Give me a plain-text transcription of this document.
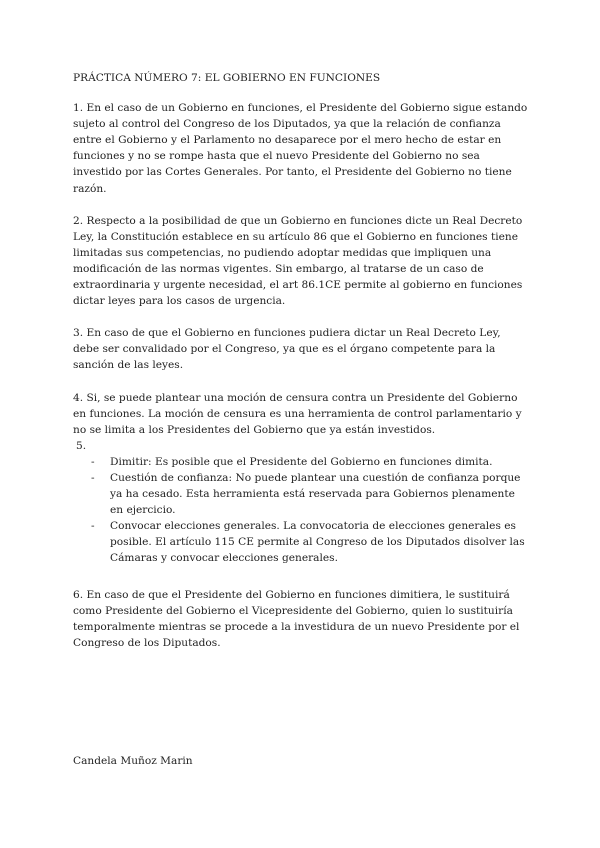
PRÁCTICA NÚMERO 7: EL GOBIERNO EN FUNCIONES

1. En el caso de un Gobierno en funciones, el Presidente del Gobierno sigue estando sujeto al control del Congreso de los Diputados, ya que la relación de confianza entre el Gobierno y el Parlamento no desaparece por el mero hecho de estar en funciones y no se rompe hasta que el nuevo Presidente del Gobierno no sea investido por las Cortes Generales. Por tanto, el Presidente del Gobierno no tiene razón.

2. Respecto a la posibilidad de que un Gobierno en funciones dicte un Real Decreto Ley, la Constitución establece en su artículo 86 que el Gobierno en funciones tiene limitadas sus competencias, no pudiendo adoptar medidas que impliquen una modificación de las normas vigentes. Sin embargo, al tratarse de un caso de extraordinaria y urgente necesidad, el art 86.1CE permite al gobierno en funciones dictar leyes para los casos de urgencia.

3. En caso de que el Gobierno en funciones pudiera dictar un Real Decreto Ley, debe ser convalidado por el Congreso, ya que es el órgano competente para la sanción de las leyes.

4. Si, se puede plantear una moción de censura contra un Presidente del Gobierno en funciones. La moción de censura es una herramienta de control parlamentario y no se limita a los Presidentes del Gobierno que ya están investidos.

5.

- Dimitir: Es posible que el Presidente del Gobierno en funciones dimita.
- Cuestión de confianza: No puede plantear una cuestión de confianza porque ya ha cesado. Esta herramienta está reservada para Gobiernos plenamente en ejercicio.
- Convocar elecciones generales. La convocatoria de elecciones generales es posible. El artículo 115 CE permite al Congreso de los Diputados disolver las Cámaras y convocar elecciones generales.

6. En caso de que el Presidente del Gobierno en funciones dimitiera, le sustituirá como Presidente del Gobierno el Vicepresidente del Gobierno, quien lo sustituiría temporalmente mientras se procede a la investidura de un nuevo Presidente por el Congreso de los Diputados.

Candela Muñoz Marin
